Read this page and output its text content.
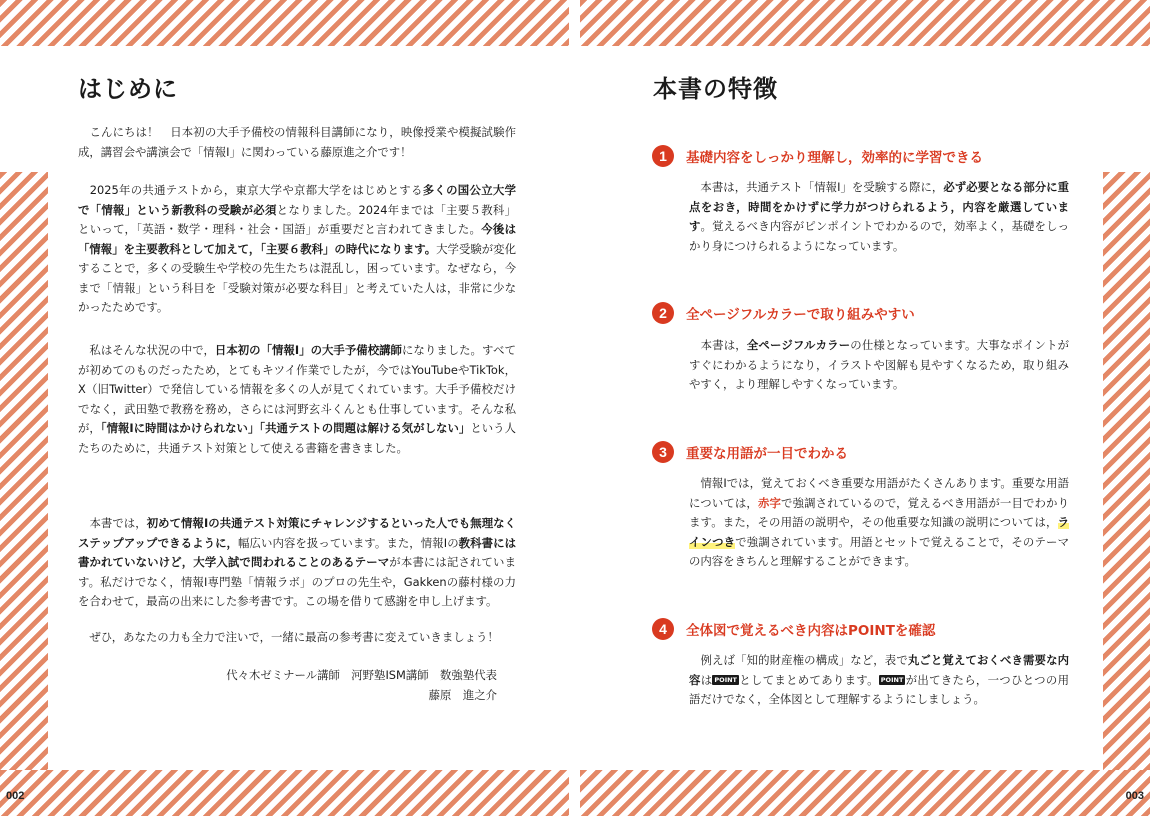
はじめに

　こんにちは！　日本初の大手予備校の情報科目講師になり，映像授業や模擬試験作成，講習会や講演会で「情報Ⅰ」に関わっている藤原進之介です！

　2025年の共通テストから，東京大学や京都大学をはじめとする多くの国公立大学で「情報」という新教科の受験が必須となりました。2024年までは「主要５教科」といって，「英語・数学・理科・社会・国語」が重要だと言われてきました。今後は「情報」を主要教科として加えて，「主要６教科」の時代になります。大学受験が変化することで，多くの受験生や学校の先生たちは混乱し，困っています。なぜなら，今まで「情報」という科目を「受験対策が必要な科目」と考えていた人は，非常に少なかったためです。

　私はそんな状況の中で，日本初の「情報Ⅰ」の大手予備校講師になりました。すべてが初めてのものだったため，とてもキツイ作業でしたが，今ではYouTubeやTikTok，X（旧Twitter）で発信している情報を多くの人が見てくれています。大手予備校だけでなく，武田塾で教務を務め，さらには河野玄斗くんとも仕事しています。そんな私が，「情報Ⅰに時間はかけられない」「共通テストの問題は解ける気がしない」という人たちのために，共通テスト対策として使える書籍を書きました。

　本書では，初めて情報Ⅰの共通テスト対策にチャレンジするといった人でも無理なくステップアップできるように，幅広い内容を扱っています。また，情報Ⅰの教科書には書かれていないけど，大学入試で問われることのあるテーマが本書には記されています。私だけでなく，情報Ⅰ専門塾「情報ラボ」のプロの先生や，Gakkenの藤村様の力を合わせて，最高の出来にした参考書です。この場を借りて感謝を申し上げます。

　ぜひ，あなたの力も全力で注いで，一緒に最高の参考書に変えていきましょう！

代々木ゼミナール講師　河野塾ISM講師　数強塾代表
藤原　進之介

本書の特徴
1	基礎内容をしっかり理解し，効率的に学習できる

　本書は，共通テスト「情報Ⅰ」を受験する際に，必ず必要となる部分に重点をおき，時間をかけずに学力がつけられるよう，内容を厳選しています。覚えるべき内容がピンポイントでわかるので，効率よく，基礎をしっかり身につけられるようになっています。

2	全ページフルカラーで取り組みやすい

　本書は，全ページフルカラーの仕様となっています。大事なポイントがすぐにわかるようになり，イラストや図解も見やすくなるため，取り組みやすく，より理解しやすくなっています。

3	重要な用語が一目でわかる

　情報Ⅰでは，覚えておくべき重要な用語がたくさんあります。重要な用語については，赤字で強調されているので，覚えるべき用語が一目でわかります。また，その用語の説明や，その他重要な知識の説明については，ラインつきで強調されています。用語とセットで覚えることで，そのテーマの内容をきちんと理解することができます。

4	全体図で覚えるべき内容はPOINTを確認

　例えば「知的財産権の構成」など，表で丸ごと覚えておくべき需要な内容は POINT としてまとめてあります。 POINT が出てきたら，一つひとつの用語だけでなく，全体図として理解するようにしましょう。

002	003
